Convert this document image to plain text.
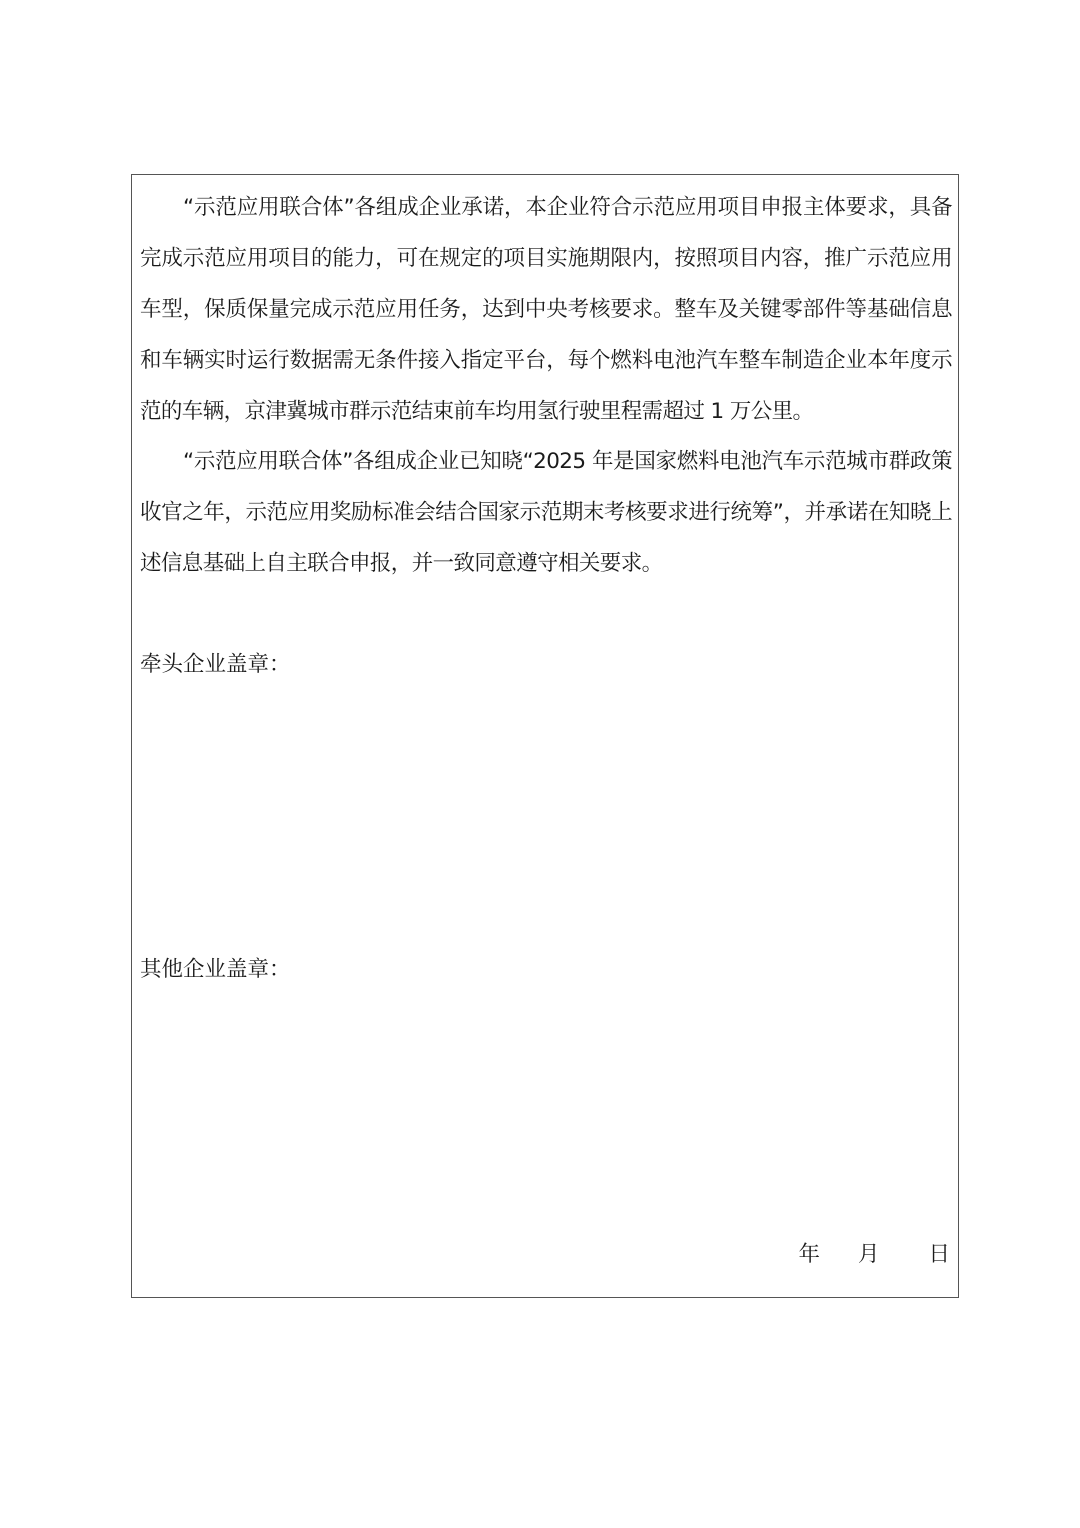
“示范应用联合体”各组成企业承诺，本企业符合示范应用项目申报主体要求，具备完成示范应用项目的能力，可在规定的项目实施期限内，按照项目内容，推广示范应用车型，保质保量完成示范应用任务，达到中央考核要求。整车及关键零部件等基础信息和车辆实时运行数据需无条件接入指定平台，每个燃料电池汽车整车制造企业本年度示范的车辆，京津冀城市群示范结束前车均用氢行驶里程需超过 1 万公里。

“示范应用联合体”各组成企业已知晓“2025 年是国家燃料电池汽车示范城市群政策收官之年，示范应用奖励标准会结合国家示范期末考核要求进行统筹”，并承诺在知晓上述信息基础上自主联合申报，并一致同意遵守相关要求。

牵头企业盖章：

其他企业盖章：

年 月 日
